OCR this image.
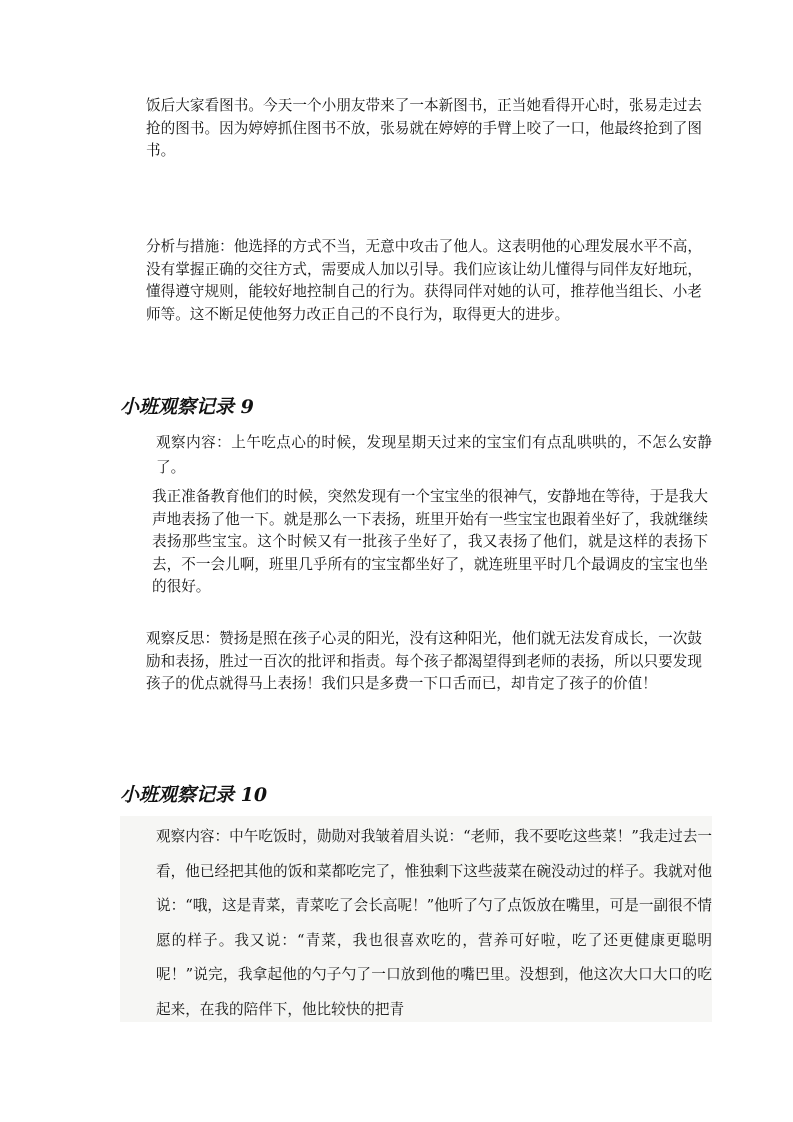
饭后大家看图书。今天一个小朋友带来了一本新图书，正当她看得开心时，张易走过去抢的图书。因为婷婷抓住图书不放，张易就在婷婷的手臂上咬了一口，他最终抢到了图书。

分析与措施：他选择的方式不当，无意中攻击了他人。这表明他的心理发展水平不高，没有掌握正确的交往方式，需要成人加以引导。我们应该让幼儿懂得与同伴友好地玩，懂得遵守规则，能较好地控制自己的行为。获得同伴对她的认可，推荐他当组长、小老师等。这不断足使他努力改正自己的不良行为，取得更大的进步。

小班观察记录 9

观察内容：上午吃点心的时候，发现星期天过来的宝宝们有点乱哄哄的，不怎么安静了。

我正准备教育他们的时候，突然发现有一个宝宝坐的很神气，安静地在等待，于是我大声地表扬了他一下。就是那么一下表扬，班里开始有一些宝宝也跟着坐好了，我就继续表扬那些宝宝。这个时候又有一批孩子坐好了，我又表扬了他们，就是这样的表扬下去，不一会儿啊，班里几乎所有的宝宝都坐好了，就连班里平时几个最调皮的宝宝也坐的很好。

观察反思：赞扬是照在孩子心灵的阳光，没有这种阳光，他们就无法发育成长，一次鼓励和表扬，胜过一百次的批评和指责。每个孩子都渴望得到老师的表扬，所以只要发现孩子的优点就得马上表扬！我们只是多费一下口舌而已，却肯定了孩子的价值！

小班观察记录 10

观察内容：中午吃饭时，勋勋对我皱着眉头说：“老师，我不要吃这些菜！”我走过去一看，他已经把其他的饭和菜都吃完了，惟独剩下这些菠菜在碗没动过的样子。我就对他说：“哦，这是青菜，青菜吃了会长高呢！”他听了勺了点饭放在嘴里，可是一副很不情愿的样子。我又说：“青菜，我也很喜欢吃的，营养可好啦，吃了还更健康更聪明呢！”说完，我拿起他的勺子勺了一口放到他的嘴巴里。没想到，他这次大口大口的吃起来，在我的陪伴下，他比较快的把青
